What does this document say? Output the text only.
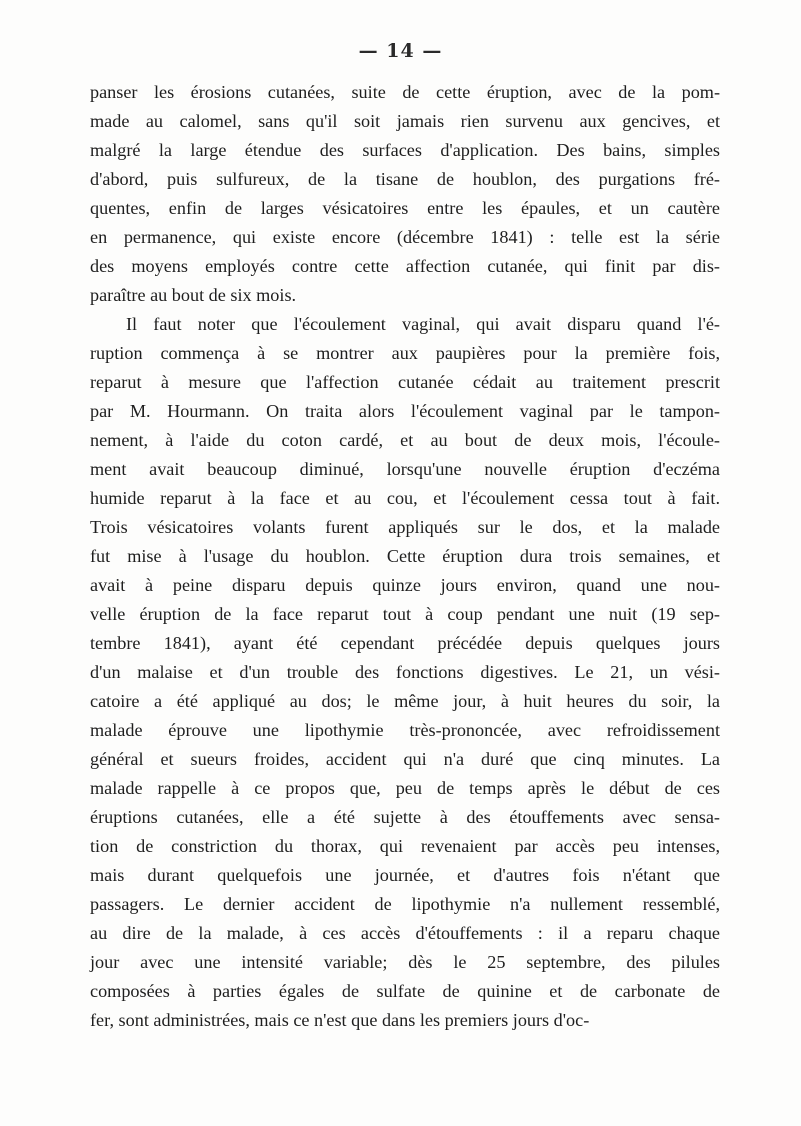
— 14 —
panser les érosions cutanées, suite de cette éruption, avec de la pom-
made au calomel, sans qu'il soit jamais rien survenu aux gencives, et
malgré la large étendue des surfaces d'application. Des bains, simples
d'abord, puis sulfureux, de la tisane de houblon, des purgations fré-
quentes, enfin de larges vésicatoires entre les épaules, et un cautère
en permanence, qui existe encore (décembre 1841) : telle est la série
des moyens employés contre cette affection cutanée, qui finit par dis-
paraître au bout de six mois.
Il faut noter que l'écoulement vaginal, qui avait disparu quand l'é-
ruption commença à se montrer aux paupières pour la première fois,
reparut à mesure que l'affection cutanée cédait au traitement prescrit
par M. Hourmann. On traita alors l'écoulement vaginal par le tampon-
nement, à l'aide du coton cardé, et au bout de deux mois, l'écoule-
ment avait beaucoup diminué, lorsqu'une nouvelle éruption d'eczéma
humide reparut à la face et au cou, et l'écoulement cessa tout à fait.
Trois vésicatoires volants furent appliqués sur le dos, et la malade
fut mise à l'usage du houblon. Cette éruption dura trois semaines, et
avait à peine disparu depuis quinze jours environ, quand une nou-
velle éruption de la face reparut tout à coup pendant une nuit (19 sep-
tembre 1841), ayant été cependant précédée depuis quelques jours
d'un malaise et d'un trouble des fonctions digestives. Le 21, un vési-
catoire a été appliqué au dos; le même jour, à huit heures du soir, la
malade éprouve une lipothymie très-prononcée, avec refroidissement
général et sueurs froides, accident qui n'a duré que cinq minutes. La
malade rappelle à ce propos que, peu de temps après le début de ces
éruptions cutanées, elle a été sujette à des étouffements avec sensa-
tion de constriction du thorax, qui revenaient par accès peu intenses,
mais durant quelquefois une journée, et d'autres fois n'étant que
passagers. Le dernier accident de lipothymie n'a nullement ressemblé,
au dire de la malade, à ces accès d'étouffements : il a reparu chaque
jour avec une intensité variable; dès le 25 septembre, des pilules
composées à parties égales de sulfate de quinine et de carbonate de
fer, sont administrées, mais ce n'est que dans les premiers jours d'oc-
